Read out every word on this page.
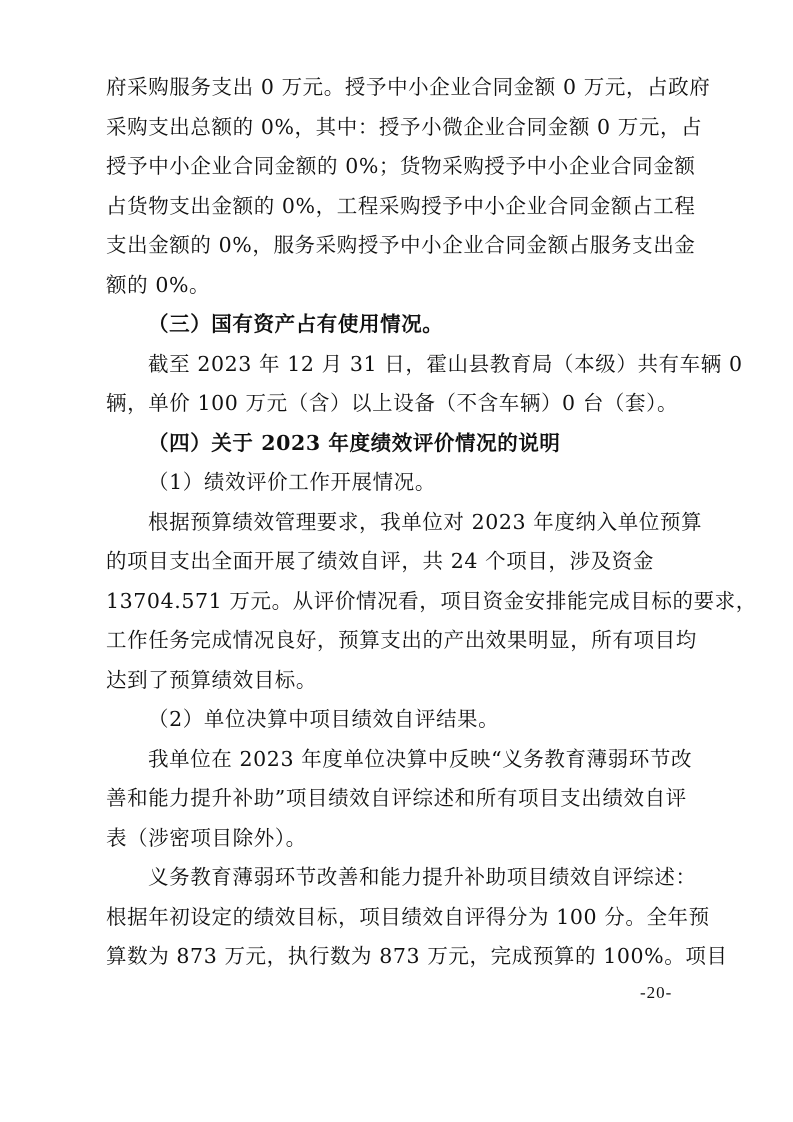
府采购服务支出 0 万元。授予中小企业合同金额 0 万元，占政府
采购支出总额的 0%，其中：授予小微企业合同金额 0 万元，占
授予中小企业合同金额的 0%；货物采购授予中小企业合同金额
占货物支出金额的 0%，工程采购授予中小企业合同金额占工程
支出金额的 0%，服务采购授予中小企业合同金额占服务支出金
额的 0%。
（三）国有资产占有使用情况。
截至 2023 年 12 月 31 日，霍山县教育局（本级）共有车辆 0
辆，单价 100 万元（含）以上设备（不含车辆）0 台（套）。
（四）关于 2023 年度绩效评价情况的说明
（1）绩效评价工作开展情况。
根据预算绩效管理要求，我单位对 2023 年度纳入单位预算
的项目支出全面开展了绩效自评，共 24 个项目，涉及资金
13704.571 万元。从评价情况看，项目资金安排能完成目标的要求，
工作任务完成情况良好，预算支出的产出效果明显，所有项目均
达到了预算绩效目标。
（2）单位决算中项目绩效自评结果。
我单位在 2023 年度单位决算中反映“义务教育薄弱环节改
善和能力提升补助”项目绩效自评综述和所有项目支出绩效自评
表（涉密项目除外）。
义务教育薄弱环节改善和能力提升补助项目绩效自评综述：
根据年初设定的绩效目标，项目绩效自评得分为 100 分。全年预
算数为 873 万元，执行数为 873 万元，完成预算的 100%。项目
-20-
